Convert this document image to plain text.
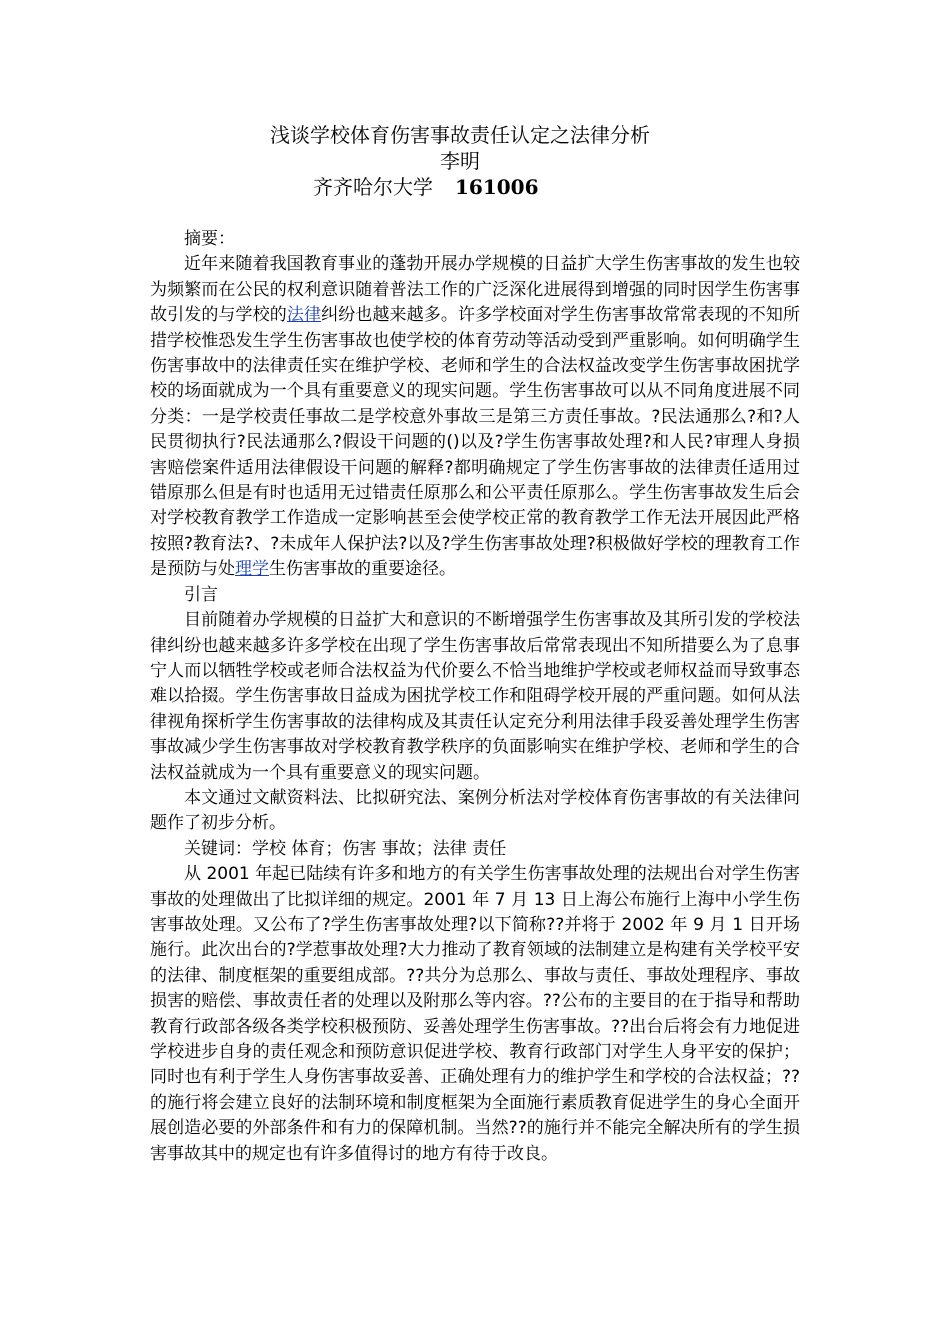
浅谈学校体育伤害事故责任认定之法律分析
李明
齐齐哈尔大学 161006

摘要：

近年来随着我国教育事业的蓬勃开展办学规模的日益扩大学生伤害事故的发生也较为频繁而在公民的权利意识随着普法工作的广泛深化进展得到增强的同时因学生伤害事故引发的与学校的法律纠纷也越来越多。许多学校面对学生伤害事故常常表现的不知所措学校惟恐发生学生伤害事故也使学校的体育劳动等活动受到严重影响。如何明确学生伤害事故中的法律责任实在维护学校、老师和学生的合法权益改变学生伤害事故困扰学校的场面就成为一个具有重要意义的现实问题。学生伤害事故可以从不同角度进展不同分类：一是学校责任事故二是学校意外事故三是第三方责任事故。?民法通那么?和?人民贯彻执行?民法通那么?假设干问题的()以及?学生伤害事故处理?和人民?审理人身损害赔偿案件适用法律假设干问题的解释?都明确规定了学生伤害事故的法律责任适用过错原那么但是有时也适用无过错责任原那么和公平责任原那么。学生伤害事故发生后会对学校教育教学工作造成一定影响甚至会使学校正常的教育教学工作无法开展因此严格按照?教育法?、?未成年人保护法?以及?学生伤害事故处理?积极做好学校的理教育工作是预防与处理学生伤害事故的重要途径。

引言

目前随着办学规模的日益扩大和意识的不断增强学生伤害事故及其所引发的学校法律纠纷也越来越多许多学校在出现了学生伤害事故后常常表现出不知所措要么为了息事宁人而以牺牲学校或老师合法权益为代价要么不恰当地维护学校或老师权益而导致事态难以拾掇。学生伤害事故日益成为困扰学校工作和阻碍学校开展的严重问题。如何从法律视角探析学生伤害事故的法律构成及其责任认定充分利用法律手段妥善处理学生伤害事故减少学生伤害事故对学校教育教学秩序的负面影响实在维护学校、老师和学生的合法权益就成为一个具有重要意义的现实问题。

本文通过文献资料法、比拟研究法、案例分析法对学校体育伤害事故的有关法律问题作了初步分析。

关键词：学校 体育；伤害 事故；法律 责任

从 2001 年起已陆续有许多和地方的有关学生伤害事故处理的法规出台对学生伤害事故的处理做出了比拟详细的规定。2001 年 7 月 13 日上海公布施行上海中小学生伤害事故处理。又公布了?学生伤害事故处理?以下简称??并将于 2002 年 9 月 1 日开场施行。此次出台的?学惹事故处理?大力推动了教育领域的法制建立是构建有关学校平安的法律、制度框架的重要组成部。??共分为总那么、事故与责任、事故处理程序、事故损害的赔偿、事故责任者的处理以及附那么等内容。??公布的主要目的在于指导和帮助教育行政部各级各类学校积极预防、妥善处理学生伤害事故。??出台后将会有力地促进学校进步自身的责任观念和预防意识促进学校、教育行政部门对学生人身平安的保护；同时也有利于学生人身伤害事故妥善、正确处理有力的维护学生和学校的合法权益；??的施行将会建立良好的法制环境和制度框架为全面施行素质教育促进学生的身心全面开展创造必要的外部条件和有力的保障机制。当然??的施行并不能完全解决所有的学生损害事故其中的规定也有许多值得讨的地方有待于改良。
